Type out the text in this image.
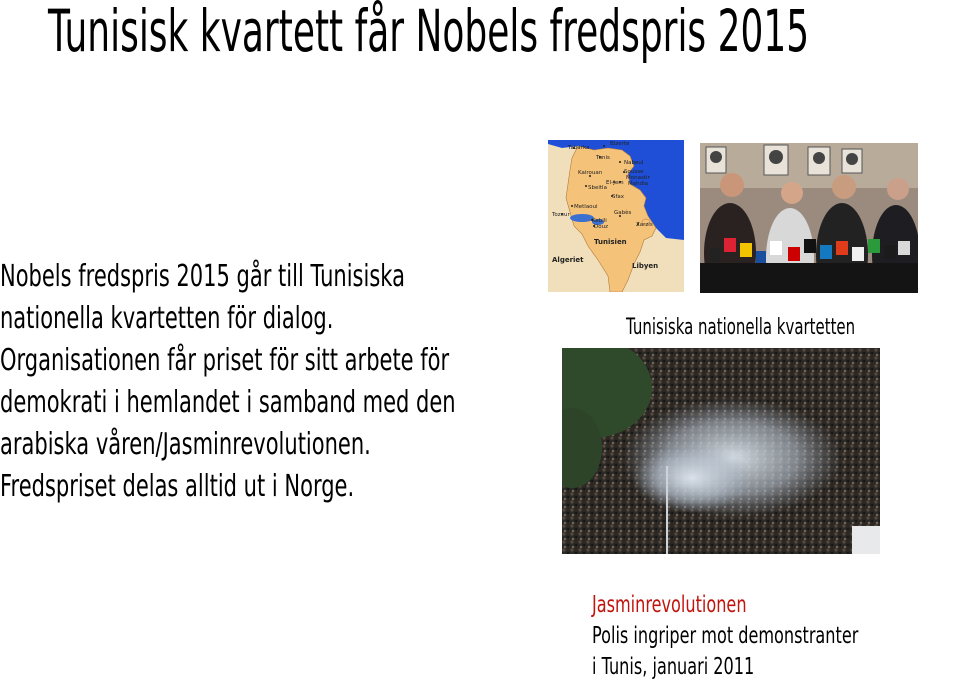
Tunisisk kvartett får Nobels fredspris 2015
Nobels fredspris 2015 går till Tunisiska
nationella kvartetten för dialog.
Organisationen får priset för sitt arbete för
demokrati i hemlandet i samband med den
arabiska våren/Jasminrevolutionen.
Fredspriset delas alltid ut i Norge.
Tabarka
Bizerte
Tunis
Nabeul
Kairouan	Sousse
Monastir
El-Jem Mahdia
Sbeitla
Sfax
Metlaoui
Tozeur
Kebili
Douz
Gabès
Zarzis
Tunisien
Algeriet
Libyen
Tunisiska nationella kvartetten
Jasminrevolutionen
Polis ingriper mot demonstranter
i Tunis, januari 2011
